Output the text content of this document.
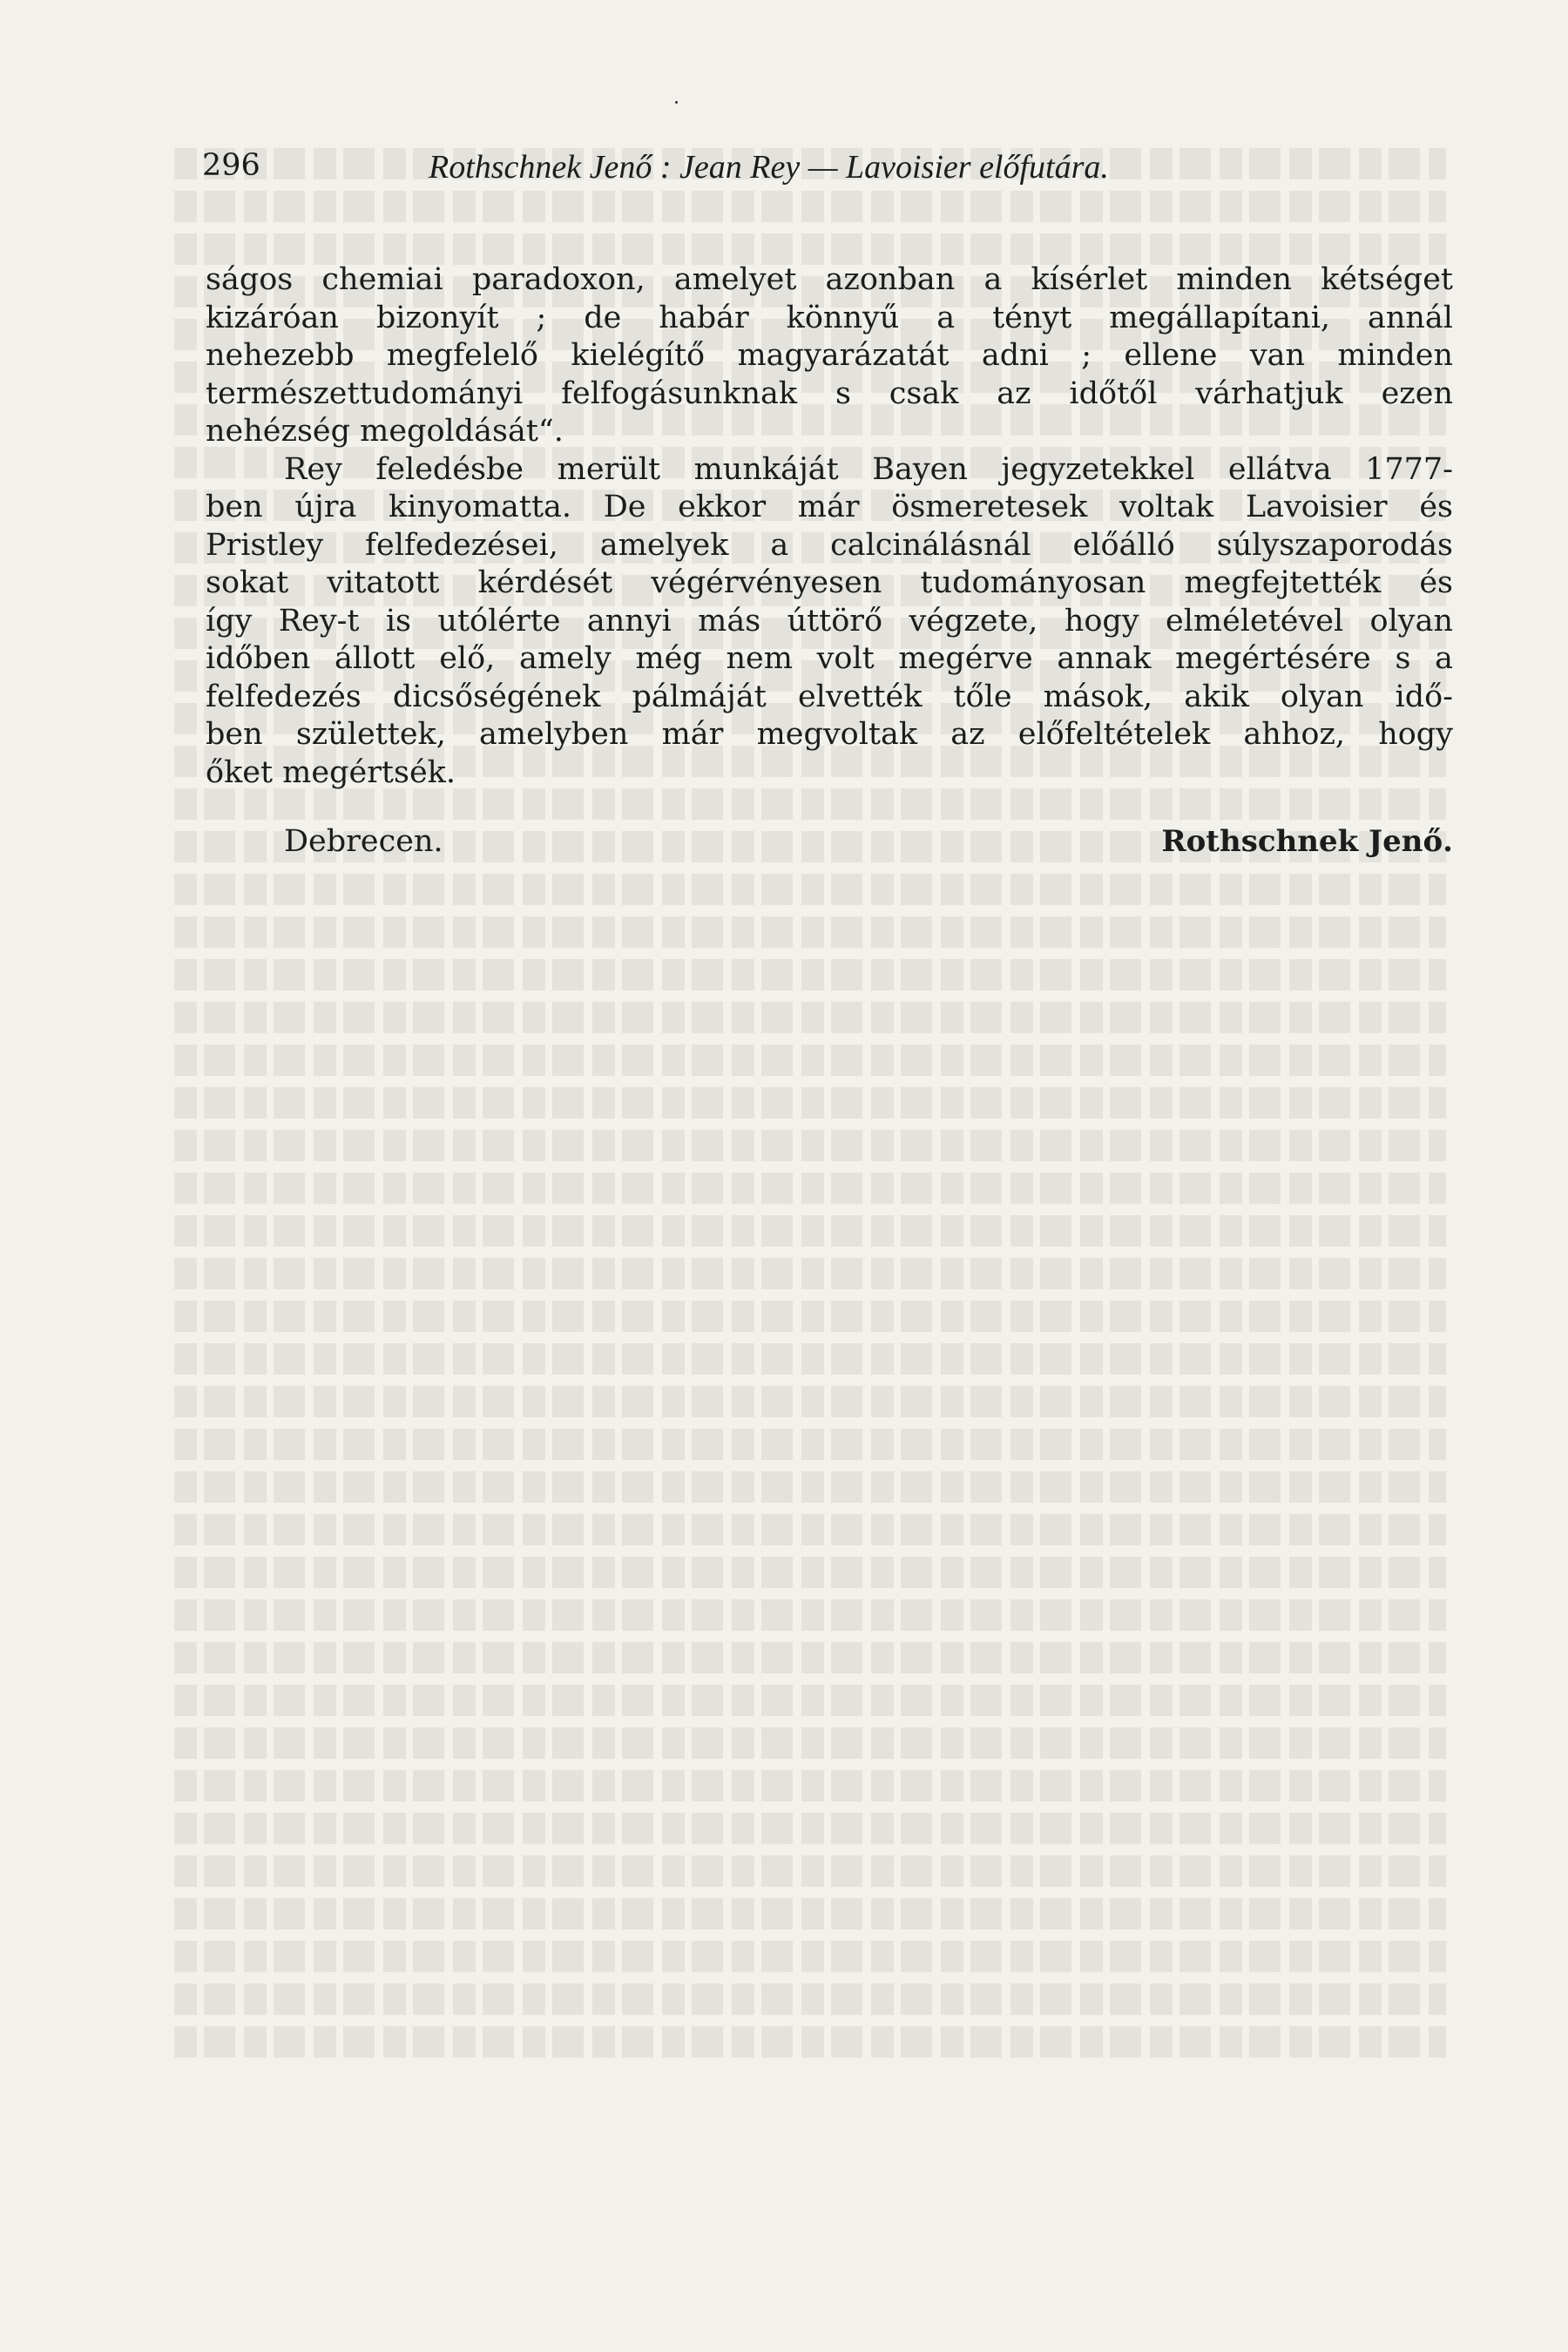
296	Rothschnek Jenő : Jean Rey — Lavoisier előfutára.
ságos chemiai paradoxon, amelyet azonban a kísérlet minden kétséget
kizáróan bizonyít ; de habár könnyű a tényt megállapítani, annál
nehezebb megfelelő kielégítő magyarázatát adni ; ellene van minden
természettudományi felfogásunknak s csak az időtől várhatjuk ezen
nehézség megoldását“.
Rey feledésbe merült munkáját Bayen jegyzetekkel ellátva 1777-
ben újra kinyomatta. De ekkor már ösmeretesek voltak Lavoisier és
Pristley felfedezései, amelyek a calcinálásnál előálló súlyszaporodás
sokat vitatott kérdését végérvényesen tudományosan megfejtették és
így Rey-t is utólérte annyi más úttörő végzete, hogy elméletével olyan
időben állott elő, amely még nem volt megérve annak megértésére s a
felfedezés dicsőségének pálmáját elvették tőle mások, akik olyan idő-
ben születtek, amelyben már megvoltak az előfeltételek ahhoz, hogy
őket megértsék.
Debrecen.	Rothschnek Jenő.
